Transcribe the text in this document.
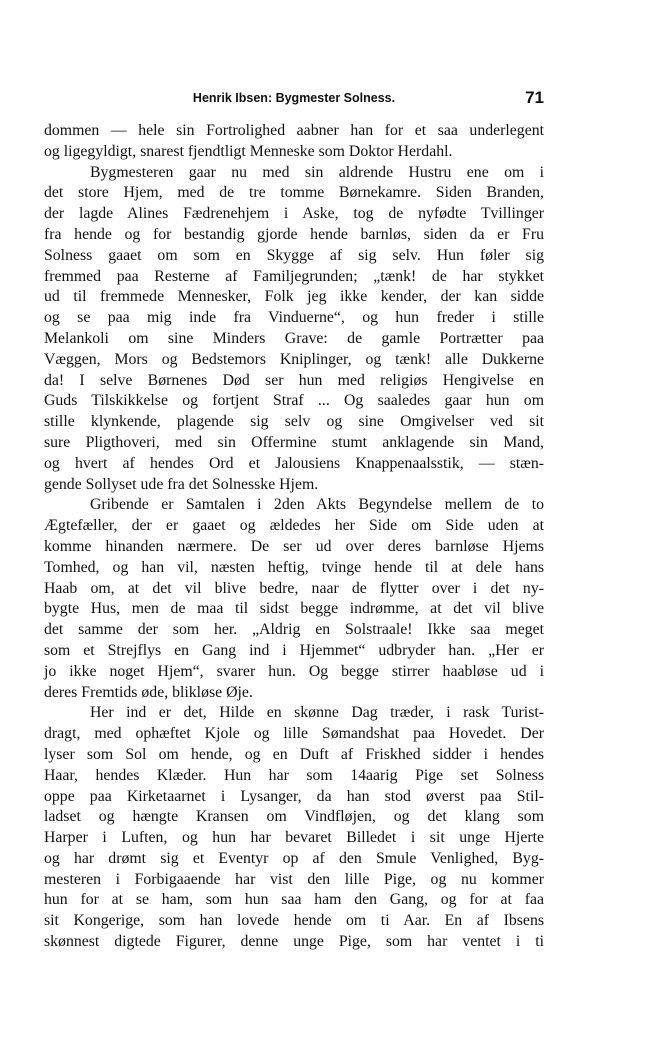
Henrik Ibsen: Bygmester Solness.	71
dommen — hele sin Fortrolighed aabner han for et saa underlegent
og ligegyldigt, snarest fjendtligt Menneske som Doktor Herdahl.
Bygmesteren gaar nu med sin aldrende Hustru ene om i
det store Hjem, med de tre tomme Børnekamre. Siden Branden,
der lagde Alines Fædrenehjem i Aske, tog de nyfødte Tvillinger
fra hende og for bestandig gjorde hende barnløs, siden da er Fru
Solness gaaet om som en Skygge af sig selv. Hun føler sig
fremmed paa Resterne af Familjegrunden; „tænk! de har stykket
ud til fremmede Mennesker, Folk jeg ikke kender, der kan sidde
og se paa mig inde fra Vinduerne“, og hun freder i stille
Melankoli om sine Minders Grave: de gamle Portrætter paa
Væggen, Mors og Bedstemors Kniplinger, og tænk! alle Dukkerne
da! I selve Børnenes Død ser hun med religiøs Hengivelse en
Guds Tilskikkelse og fortjent Straf ... Og saaledes gaar hun om
stille klynkende, plagende sig selv og sine Omgivelser ved sit
sure Pligthoveri, med sin Offermine stumt anklagende sin Mand,
og hvert af hendes Ord et Jalousiens Knappenaalsstik, — stæn-
gende Sollyset ude fra det Solnesske Hjem.
Gribende er Samtalen i 2den Akts Begyndelse mellem de to
Ægtefæller, der er gaaet og ældedes her Side om Side uden at
komme hinanden nærmere. De ser ud over deres barnløse Hjems
Tomhed, og han vil, næsten heftig, tvinge hende til at dele hans
Haab om, at det vil blive bedre, naar de flytter over i det ny-
bygte Hus, men de maa til sidst begge indrømme, at det vil blive
det samme der som her. „Aldrig en Solstraale! Ikke saa meget
som et Strejflys en Gang ind i Hjemmet“ udbryder han. „Her er
jo ikke noget Hjem“, svarer hun. Og begge stirrer haabløse ud i
deres Fremtids øde, blikløse Øje.
Her ind er det, Hilde en skønne Dag træder, i rask Turist-
dragt, med ophæftet Kjole og lille Sømandshat paa Hovedet. Der
lyser som Sol om hende, og en Duft af Friskhed sidder i hendes
Haar, hendes Klæder. Hun har som 14aarig Pige set Solness
oppe paa Kirketaarnet i Lysanger, da han stod øverst paa Stil-
ladset og hængte Kransen om Vindfløjen, og det klang som
Harper i Luften, og hun har bevaret Billedet i sit unge Hjerte
og har drømt sig et Eventyr op af den Smule Venlighed, Byg-
mesteren i Forbigaaende har vist den lille Pige, og nu kommer
hun for at se ham, som hun saa ham den Gang, og for at faa
sit Kongerige, som han lovede hende om ti Aar. En af Ibsens
skønnest digtede Figurer, denne unge Pige, som har ventet i ti
